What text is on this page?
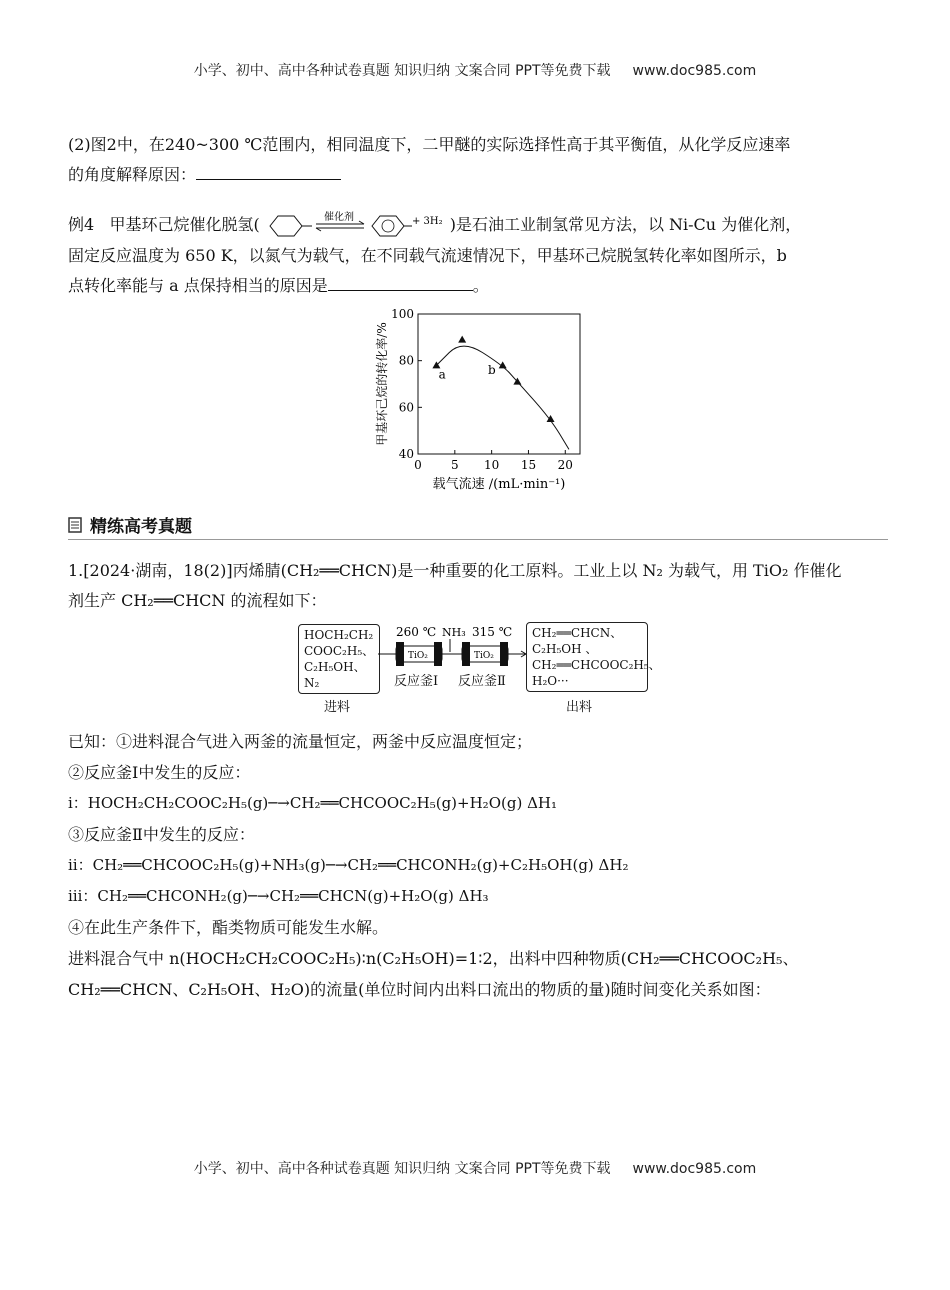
小学、初中、高中各种试卷真题 知识归纳 文案合同 PPT等免费下载 www.doc985.com
(2)图2中，在240~300 ℃范围内，相同温度下，二甲醚的实际选择性高于其平衡值，从化学反应速率
的角度解释原因：
例4 甲基环己烷催化脱氢(	催化剂	+ 3H₂ )是石油工业制氢常见方法，以 Ni-Cu 为催化剂，
固定反应温度为 650 K，以氮气为载气，在不同载气流速情况下，甲基环己烷脱氢转化率如图所示，b
点转化率能与 a 点保持相当的原因是	。
0 5 10 15 20
40
60
80
100
a	b
载气流速 /(mL·min⁻¹)
甲基环己烷的转化率/%
精练高考真题
1.[2024·湖南，18(2)]丙烯腈(CH₂══CHCN)是一种重要的化工原料。工业上以 N₂ 为载气，用 TiO₂ 作催化
剂生产 CH₂══CHCN 的流程如下：
HOCH₂CH₂
COOC₂H₅、
C₂H₅OH、N₂
进料
260 ℃ NH₃ 315 ℃
TiO₂	TiO₂
反应釜Ⅰ 反应釜Ⅱ
CH₂══CHCN、
C₂H₅OH 、
CH₂══CHCOOC₂H₅、
H₂O···
出料
已知：①进料混合气进入两釜的流量恒定，两釜中反应温度恒定；
②反应釜Ⅰ中发生的反应：
ⅰ：HOCH₂CH₂COOC₂H₅(g)─→CH₂══CHCOOC₂H₅(g)+H₂O(g) ΔH₁
③反应釜Ⅱ中发生的反应：
ⅱ：CH₂══CHCOOC₂H₅(g)+NH₃(g)─→CH₂══CHCONH₂(g)+C₂H₅OH(g) ΔH₂
ⅲ：CH₂══CHCONH₂(g)─→CH₂══CHCN(g)+H₂O(g) ΔH₃
④在此生产条件下，酯类物质可能发生水解。
进料混合气中 n(HOCH₂CH₂COOC₂H₅)∶n(C₂H₅OH)=1∶2，出料中四种物质(CH₂══CHCOOC₂H₅、
CH₂══CHCN、C₂H₅OH、H₂O)的流量(单位时间内出料口流出的物质的量)随时间变化关系如图：
小学、初中、高中各种试卷真题 知识归纳 文案合同 PPT等免费下载 www.doc985.com
